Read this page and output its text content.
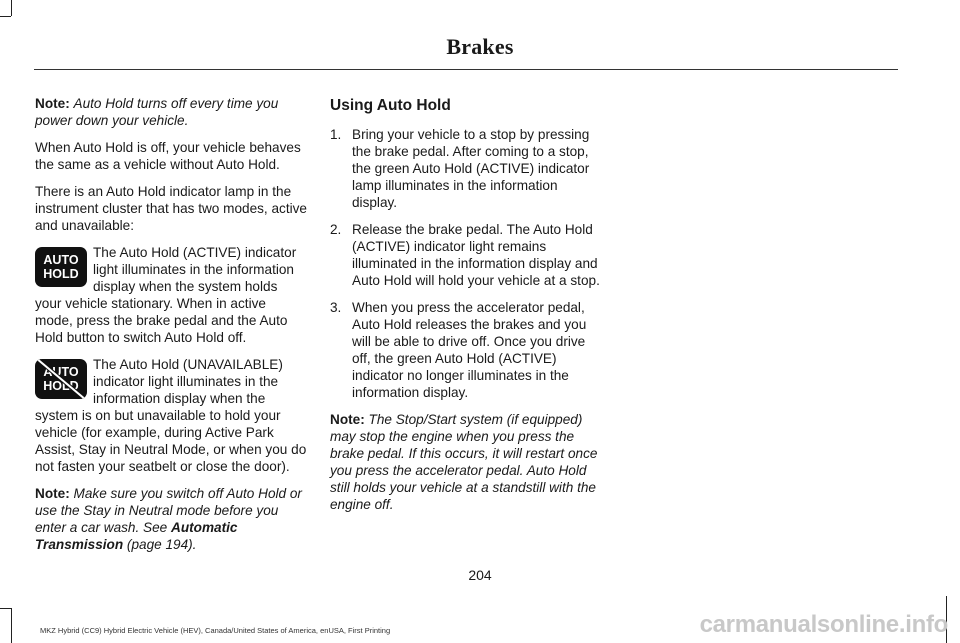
Brakes

Note: Auto Hold turns off every time you power down your vehicle.

When Auto Hold is off, your vehicle behaves the same as a vehicle without Auto Hold.

There is an Auto Hold indicator lamp in the instrument cluster that has two modes, active and unavailable:

AUTO
HOLD
The Auto Hold (ACTIVE) indicator light illuminates in the information display when the system holds your vehicle stationary. When in active mode, press the brake pedal and the Auto Hold button to switch Auto Hold off.
AUTO
HOLD
The Auto Hold (UNAVAILABLE) indicator light illuminates in the information display when the system is on but unavailable to hold your vehicle (for example, during Active Park Assist, Stay in Neutral Mode, or when you do not fasten your seatbelt or close the door).

Note: Make sure you switch off Auto Hold or use the Stay in Neutral mode before you enter a car wash. See Automatic Transmission (page 194).

Using Auto Hold
1. Bring your vehicle to a stop by pressing the brake pedal. After coming to a stop, the green Auto Hold (ACTIVE) indicator lamp illuminates in the information display.
2. Release the brake pedal. The Auto Hold (ACTIVE) indicator light remains illuminated in the information display and Auto Hold will hold your vehicle at a stop.
3. When you press the accelerator pedal, Auto Hold releases the brakes and you will be able to drive off. Once you drive off, the green Auto Hold (ACTIVE) indicator no longer illuminates in the information display.

Note: The Stop/Start system (if equipped) may stop the engine when you press the brake pedal. If this occurs, it will restart once you press the accelerator pedal. Auto Hold still holds your vehicle at a standstill with the engine off.

204
MKZ Hybrid (CC9) Hybrid Electric Vehicle (HEV), Canada/United States of America, enUSA, First Printing	carmanualsonline.info
